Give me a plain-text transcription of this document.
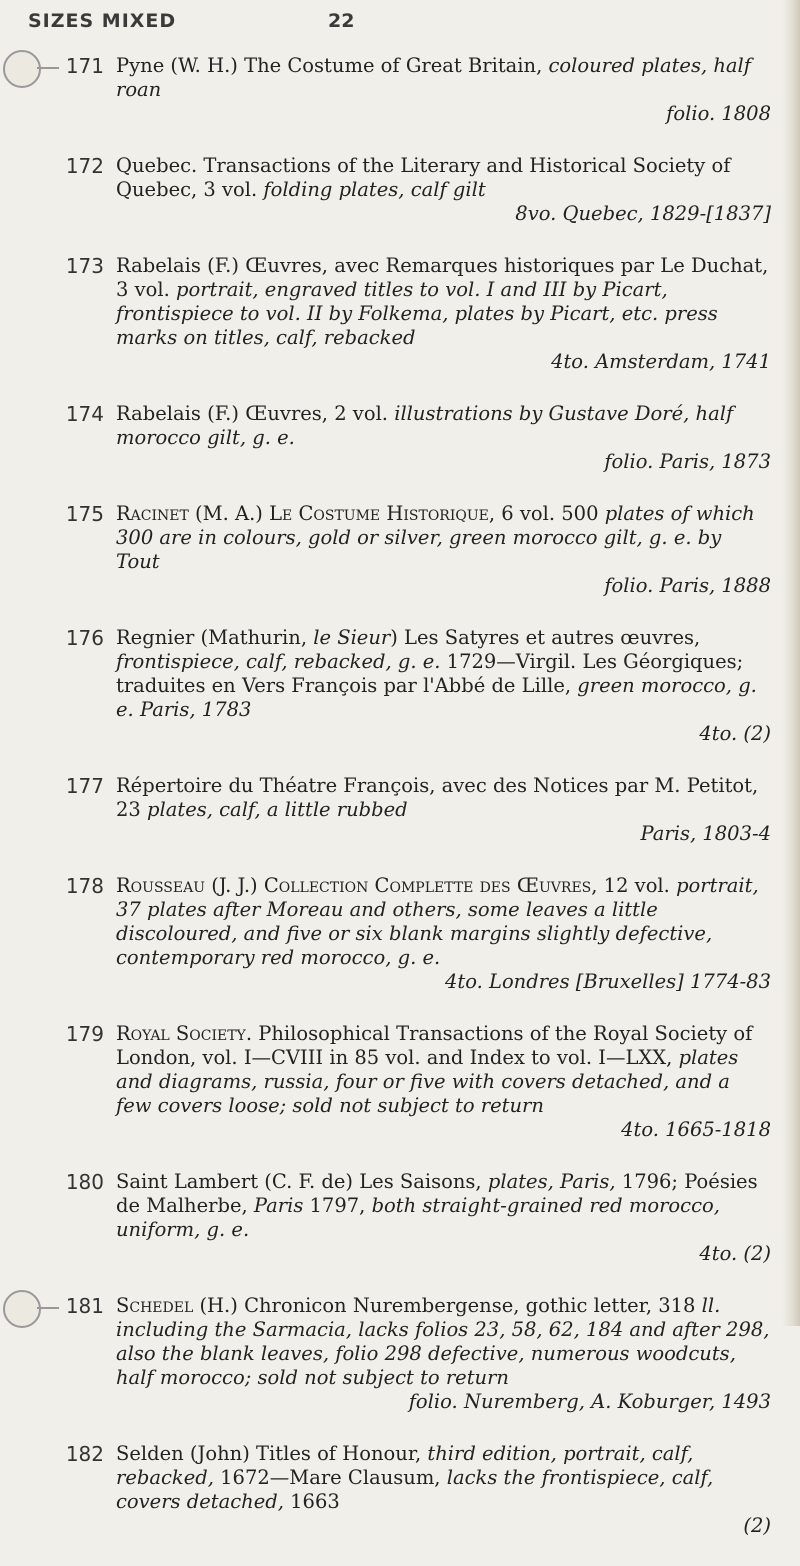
SIZES MIXED	22
171 Pyne (W. H.) The Costume of Great Britain, coloured plates, half roan
folio. 1808
172 Quebec. Transactions of the Literary and Historical Society of Quebec, 3 vol. folding plates, calf gilt
8vo. Quebec, 1829-[1837]
173 Rabelais (F.) Œuvres, avec Remarques historiques par Le Duchat, 3 vol. portrait, engraved titles to vol. I and III by Picart, frontispiece to vol. II by Folkema, plates by Picart, etc. press marks on titles, calf, rebacked
4to. Amsterdam, 1741
174 Rabelais (F.) Œuvres, 2 vol. illustrations by Gustave Doré, half morocco gilt, g. e.
folio. Paris, 1873
175 Racinet (M. A.) Le Costume Historique, 6 vol. 500 plates of which 300 are in colours, gold or silver, green morocco gilt, g. e. by Tout
folio. Paris, 1888
176 Regnier (Mathurin, le Sieur) Les Satyres et autres œuvres, frontispiece, calf, rebacked, g. e. 1729—Virgil. Les Géorgiques; traduites en Vers François par l'Abbé de Lille, green morocco, g. e. Paris, 1783
4to. (2)
177 Répertoire du Théatre François, avec des Notices par M. Petitot, 23 plates, calf, a little rubbed
Paris, 1803-4
178 Rousseau (J. J.) Collection Complette des Œuvres, 12 vol. portrait, 37 plates after Moreau and others, some leaves a little discoloured, and five or six blank margins slightly defective, contemporary red morocco, g. e.
4to. Londres [Bruxelles] 1774-83
179 Royal Society. Philosophical Transactions of the Royal Society of London, vol. I—CVIII in 85 vol. and Index to vol. I—LXX, plates and diagrams, russia, four or five with covers detached, and a few covers loose; sold not subject to return
4to. 1665-1818
180 Saint Lambert (C. F. de) Les Saisons, plates, Paris, 1796; Poésies de Malherbe, Paris 1797, both straight-grained red morocco, uniform, g. e.
4to. (2)
181 Schedel (H.) Chronicon Nurembergense, gothic letter, 318 ll. including the Sarmacia, lacks folios 23, 58, 62, 184 and after 298, also the blank leaves, folio 298 defective, numerous woodcuts, half morocco; sold not subject to return
folio. Nuremberg, A. Koburger, 1493
182 Selden (John) Titles of Honour, third edition, portrait, calf, rebacked, 1672—Mare Clausum, lacks the frontispiece, calf, covers detached, 1663
(2)
